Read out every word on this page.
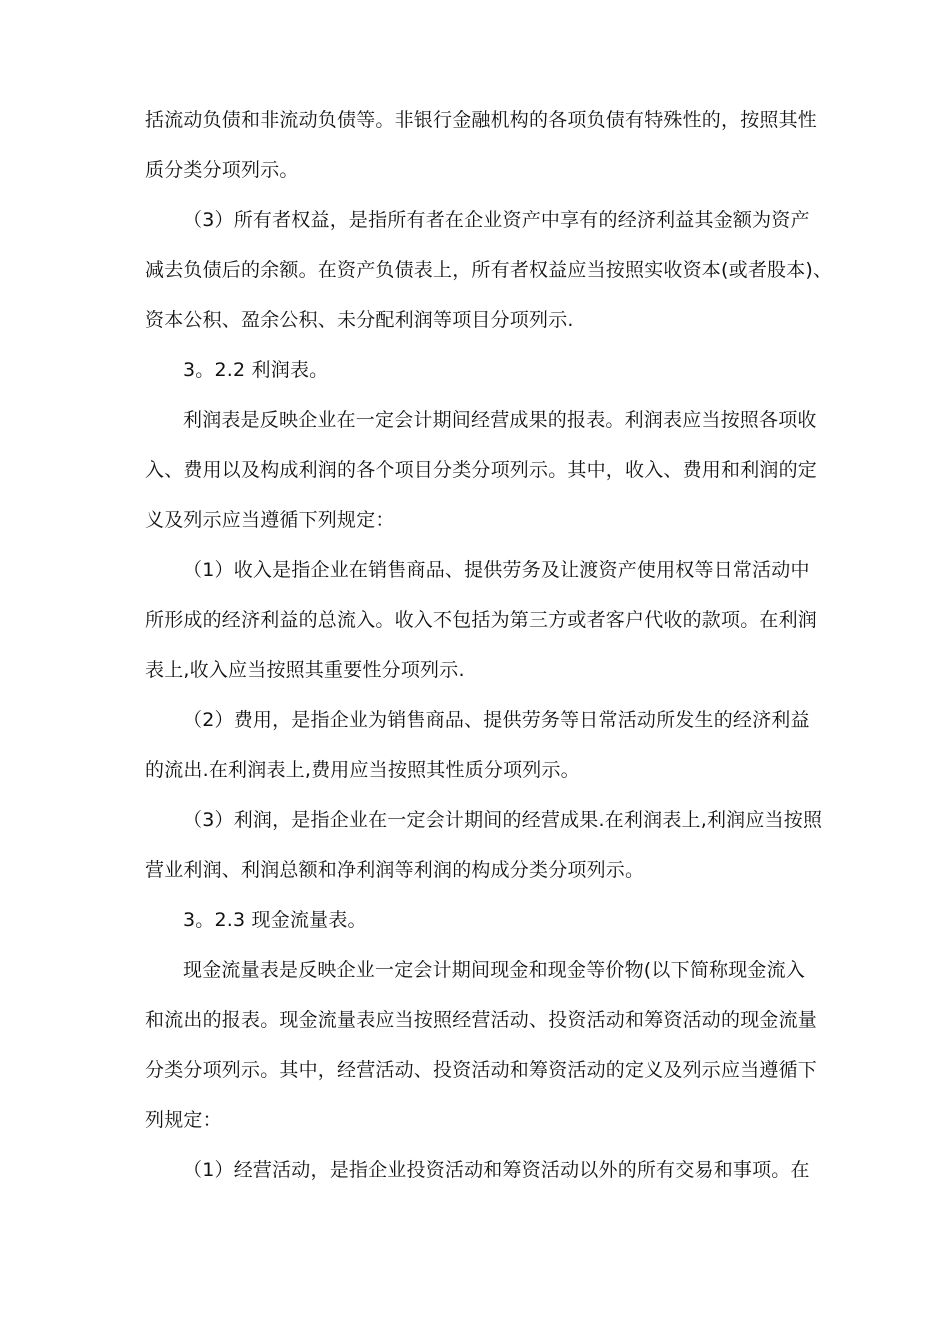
括流动负债和非流动负债等。非银行金融机构的各项负债有特殊性的，按照其性
质分类分项列示。
（3）所有者权益，是指所有者在企业资产中享有的经济利益其金额为资产
减去负债后的余额。在资产负债表上，所有者权益应当按照实收资本(或者股本)、
资本公积、盈余公积、未分配利润等项目分项列示.
3。2.2 利润表。
利润表是反映企业在一定会计期间经营成果的报表。利润表应当按照各项收
入、费用以及构成利润的各个项目分类分项列示。其中，收入、费用和利润的定
义及列示应当遵循下列规定：
（1）收入是指企业在销售商品、提供劳务及让渡资产使用权等日常活动中
所形成的经济利益的总流入。收入不包括为第三方或者客户代收的款项。在利润
表上,收入应当按照其重要性分项列示.
（2）费用，是指企业为销售商品、提供劳务等日常活动所发生的经济利益
的流出.在利润表上,费用应当按照其性质分项列示。
（3）利润，是指企业在一定会计期间的经营成果.在利润表上,利润应当按照
营业利润、利润总额和净利润等利润的构成分类分项列示。
3。2.3 现金流量表。
现金流量表是反映企业一定会计期间现金和现金等价物(以下简称现金流入
和流出的报表。现金流量表应当按照经营活动、投资活动和筹资活动的现金流量
分类分项列示。其中，经营活动、投资活动和筹资活动的定义及列示应当遵循下
列规定：
（1）经营活动，是指企业投资活动和筹资活动以外的所有交易和事项。在
